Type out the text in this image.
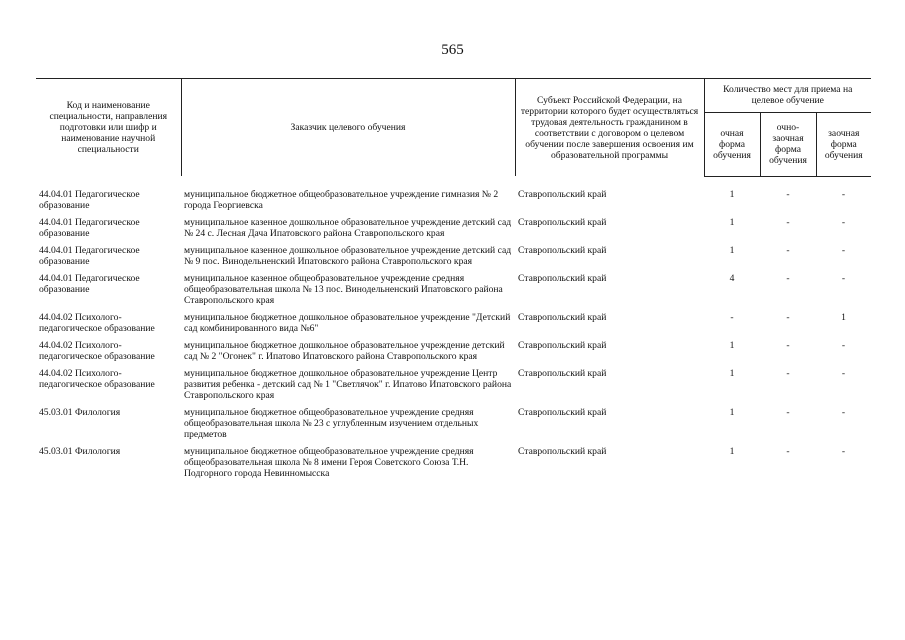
565
Код и наименование специальности, направления подготовки или шифр и наименование научной специальности	Заказчик целевого обучения	Субъект Российской Федерации, на территории которого будет осуществляться трудовая деятельность гражданином в соответствии с договором о целевом обучении после завершения освоения им образовательной программы	Количество мест для приема на целевое обучение		
			очная форма обучения	очно-заочная форма обучения	заочная форма обучения

44.04.01 Педагогическое образование	муниципальное бюджетное общеобразовательное учреждение гимназия № 2 города Георгиевска	Ставропольский край	1	-	-
44.04.01 Педагогическое образование	муниципальное казенное дошкольное образовательное учреждение детский сад № 24 с. Лесная Дача Ипатовского района Ставропольского края	Ставропольский край	1	-	-
44.04.01 Педагогическое образование	муниципальное казенное дошкольное образовательное учреждение детский сад № 9 пос. Винодельненский Ипатовского района Ставропольского края	Ставропольский край	1	-	-
44.04.01 Педагогическое образование	муниципальное казенное общеобразовательное учреждение средняя общеобразовательная школа № 13 пос. Винодельненский Ипатовского района Ставропольского края	Ставропольский край	4	-	-
44.04.02 Психолого-педагогическое образование	муниципальное бюджетное дошкольное образовательное учреждение "Детский сад комбинированного вида №6"	Ставропольский край	-	-	1
44.04.02 Психолого-педагогическое образование	муниципальное бюджетное дошкольное образовательное учреждение детский сад № 2 "Огонек" г. Ипатово Ипатовского района Ставропольского края	Ставропольский край	1	-	-
44.04.02 Психолого-педагогическое образование	муниципальное бюджетное дошкольное образовательное учреждение Центр развития ребенка - детский сад № 1 "Светлячок" г. Ипатово Ипатовского района Ставропольского края	Ставропольский край	1	-	-
45.03.01 Филология	муниципальное бюджетное общеобразовательное учреждение средняя общеобразовательная школа № 23 с углубленным изучением отдельных предметов	Ставропольский край	1	-	-
45.03.01 Филология	муниципальное бюджетное общеобразовательное учреждение средняя общеобразовательная школа № 8 имени Героя Советского Союза Т.Н. Подгорного города Невинномысска	Ставропольский край	1	-	-
